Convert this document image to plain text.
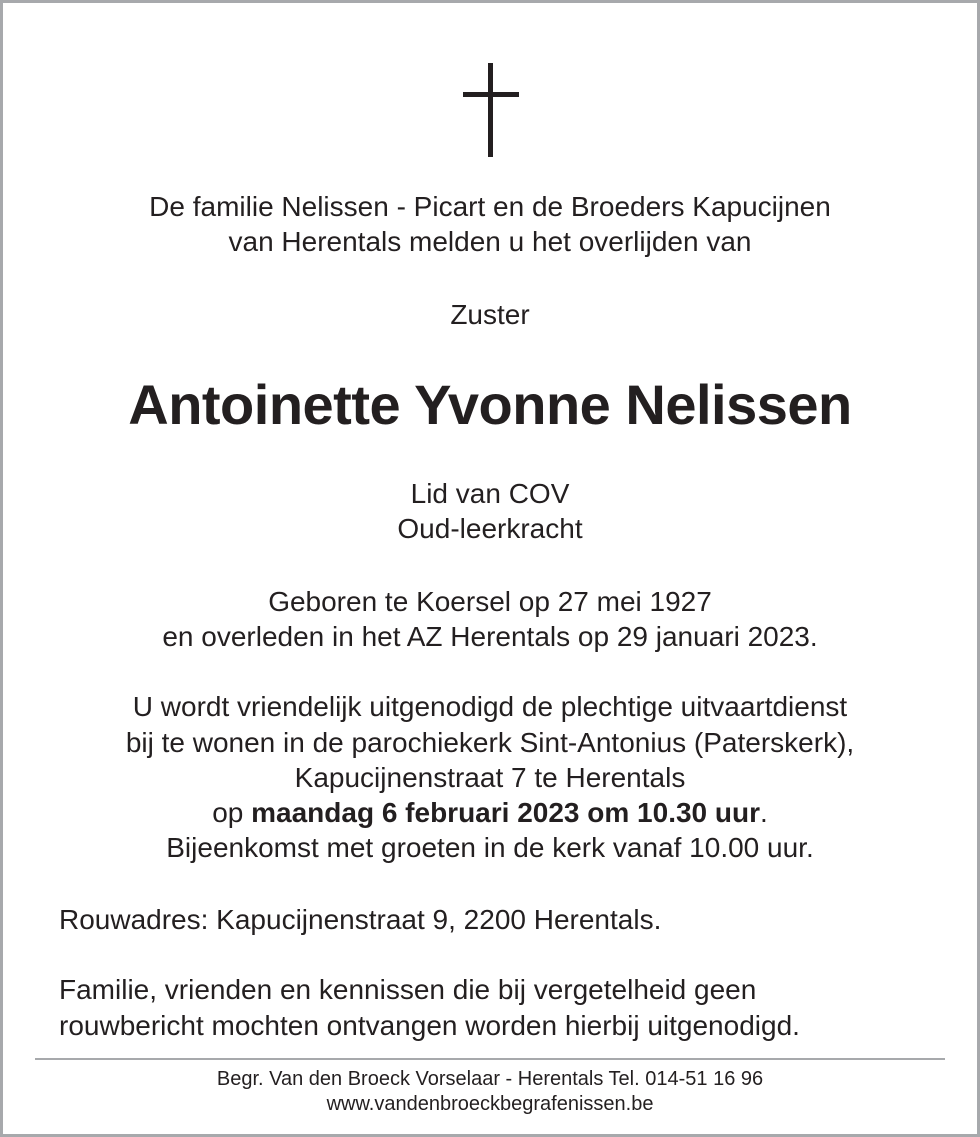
De familie Nelissen - Picart en de Broeders Kapucijnen
van Herentals melden u het overlijden van
Zuster
Antoinette Yvonne Nelissen
Lid van COV
Oud-leerkracht
Geboren te Koersel op 27 mei 1927
en overleden in het AZ Herentals op 29 januari 2023.
U wordt vriendelijk uitgenodigd de plechtige uitvaartdienst
bij te wonen in de parochiekerk Sint-Antonius (Paterskerk),
Kapucijnenstraat 7 te Herentals
op maandag 6 februari 2023 om 10.30 uur.
Bijeenkomst met groeten in de kerk vanaf 10.00 uur.
Rouwadres: Kapucijnenstraat 9, 2200 Herentals.
Familie, vrienden en kennissen die bij vergetelheid geen
rouwbericht mochten ontvangen worden hierbij uitgenodigd.
Begr. Van den Broeck Vorselaar - Herentals Tel. 014-51 16 96
www.vandenbroeckbegrafenissen.be
